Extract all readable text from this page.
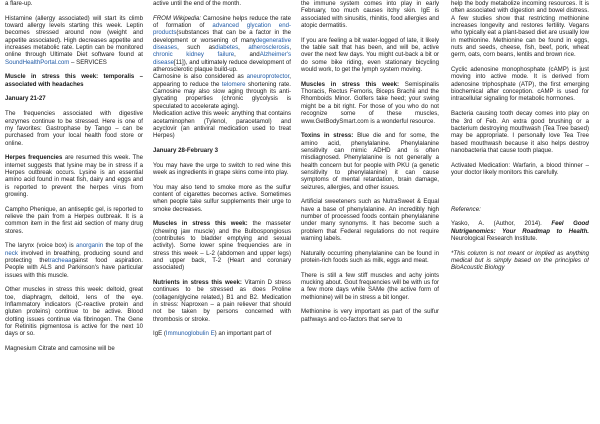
a flare-up.

Histamine (allergy associated) will start its climb toward allergy levels starting this week. Leptin becomes stressed around now (weight and appetite associated). High decreases appetite and increases metabolic rate. Leptin can be monitored online through Ultimate Diet software found at SoundHealthPortal.com – SERVICES

Muscle in stress this week: temporalis – associated with headaches

January 21-27

The frequencies associated with digestive enzymes continue to be stressed. Here is one of my favorites: Gastrophase by Tango – can be purchased from your local health food store or online.

Herpes frequencies are resumed this week. The internet suggests that lysine may be in stress if a Herpes outbreak occurs. Lysine is an essential amino acid found in meat fish, dairy and eggs and is reported to prevent the herpes virus from growing.

Campho Phenique, an antiseptic gel, is reported to relieve the pain from a Herpes outbreak. It is a common item in the first aid section of many drug stores.

The larynx (voice box) is anorganin the top of the neck involved in breathing, producing sound and protecting thetracheaagainst food aspiration. People with ALS and Parkinson's have particular issues with this muscle.

Other muscles in stress this week: deltoid, great toe, diaphragm, deltoid, lens of the eye. Inflammatory indicators (C-reactive protein and gluten proteins) continue to be active. Blood clotting issues continue via fibrinogen. The Gene for Retinitis pigmentosa is active for the next 10 days or so.

Magnesium Citrate and carnosine will be

active until the end of the month.

FROM Wikipedia: Carnosine helps reduce the rate of formation of advanced glycation end-products(substances that can be a factor in the development or worsening of manydegenerative diseases, such asdiabetes, atherosclerosis, chronic kidney failure, andAlzheimer's disease[11]), and ultimately reduce development of atherosclerotic plaque build-up.

Carnosine is also considered as aneuroprotector, appearing to reduce the telomere shortening rate. Carnosine may also slow aging through its anti-glycating properties (chronic glycolysis is speculated to accelerate aging).

Medication active this week: anything that contains acetaminophen (Tylenol, paracetamol) and acyclovir (an antiviral medication used to treat Herpes)

January 28-February 3

You may have the urge to switch to red wine this week as ingredients in grape skins come into play.

You may also tend to smoke more as the sulfur content of cigarettes becomes active. Sometimes when people take sulfur supplements their urge to smoke decreases.

Muscles in stress this week: the masseter (chewing jaw muscle) and the Bulbospongiosus (contributes to bladder emptying and sexual activity). Some lower spine frequencies are in stress this week – L-2 (abdomen and upper legs) and upper back, T-2 (Heart and coronary associated)

Nutrients in stress this week: Vitamin D stress continues to be stressed as does Proline (collagen/glycine related,) B1 and B2. Medication in stress: Naproxen – a pain reliever that should not be taken by persons concerned with thrombosis or stroke.

IgE (Immunoglobulin E) an important part of

the immune system comes into play in early February, too much causes itchy skin. IgE is associated with sinusitis, rhinitis, food allergies and atopic dermatitis.

If you are feeling a bit water-logged of late, it likely the table salt that has been, and will be, active over the next few days. You might cut-back a bit or do some bike riding, even stationary bicycling would work, to get the lymph system moving.

Muscles in stress this week: Semispinalis Thoracis, Rectus Femoris, Biceps Brachii and the Rhomboids Minor. Golfers take heed; your swing might be a bit right. For those of you who do not recognize some of these muscles, www.GetBodySmart.com is a wonderful resource.

Toxins in stress: Blue die and for some, the amino acid, phenylalanine. Phenylalanine sensitivity can mimic ADHD and is often misdiagnosed. Phenylalanine is not generally a health concern but for people with PKU (a genetic sensitivity to phenylalanine) it can cause symptoms of mental retardation, brain damage, seizures, allergies, and other issues.

Artificial sweeteners such as NutraSweet & Equal have a base of phenylalanine. An incredibly high number of processed foods contain phenylalanine under many synonyms. It has become such a problem that Federal regulations do not require warning labels.

Naturally occurring phenylalanine can be found in protein-rich foods such as milk, eggs and meat.

There is still a few stiff muscles and achy joints mucking about. Gout frequencies will be with us for a few more days while SAMe (the active form of methionine) will be in stress a bit longer.

Methionine is very important as part of the sulfur pathways and co-factors that serve to

help the body metabolize incoming resources. It is often associated with digestion and bowel distress. A few studies show that restricting methionine increases longevity and restores fertility. Vegans who typically eat a plant-based diet are usually low in methionine. Methionine can be found in eggs, nuts and seeds, cheese, fish, beef, pork, wheat germ, oats, corn beans, lentils and brown rice.

Cyclic adenosine monophosphate (cAMP) is just moving into active mode. It is derived from adenosine triphosphate (ATP), the first emerging biochemical after conception. cAMP is used for intracellular signaling for metabolic hormones.

Bacteria causing tooth decay comes into play on the 3rd of Feb. An extra good brushing or a bacterium destroying mouthwash (Tea Tree based) may be appropriate. I personally love Tea Tree based mouthwash because it also helps destroy nanobacteria that cause tooth plaque.

Activated Medication: Warfarin, a blood thinner – your doctor likely monitors this carefully.

Reference:

Yasko, A. (Author, 2014). Feel Good Nutrigenomics: Your Roadmap to Health. Neurological Research Institute.

*This column is not meant or implied as anything medical but is simply based on the principles of BioAcoustic Biology
